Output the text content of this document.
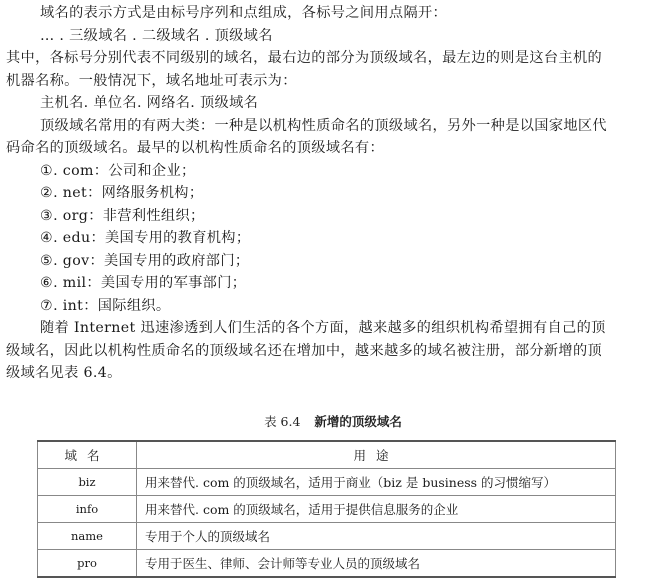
域名的表示方式是由标号序列和点组成，各标号之间用点隔开：

… . 三级域名 . 二级域名 . 顶级域名

其中，各标号分别代表不同级别的域名，最右边的部分为顶级域名，最左边的则是这台主机的

机器名称。一般情况下，域名地址可表示为：

主机名. 单位名. 网络名. 顶级域名

顶级域名常用的有两大类：一种是以机构性质命名的顶级域名，另外一种是以国家地区代

码命名的顶级域名。最早的以机构性质命名的顶级域名有：

①. com：公司和企业；

②. net：网络服务机构；

③. org：非营利性组织；

④. edu：美国专用的教育机构；

⑤. gov：美国专用的政府部门；

⑥. mil：美国专用的军事部门；

⑦. int：国际组织。

随着 Internet 迅速渗透到人们生活的各个方面，越来越多的组织机构希望拥有自己的顶

级域名，因此以机构性质命名的顶级域名还在增加中，越来越多的域名被注册，部分新增的顶

级域名见表 6.4。

表 6.4 新增的顶级域名
域名	用途
biz	用来替代. com 的顶级域名，适用于商业（biz 是 business 的习惯缩写）
info	用来替代. com 的顶级域名，适用于提供信息服务的企业
name	专用于个人的顶级域名
pro	专用于医生、律师、会计师等专业人员的顶级域名
